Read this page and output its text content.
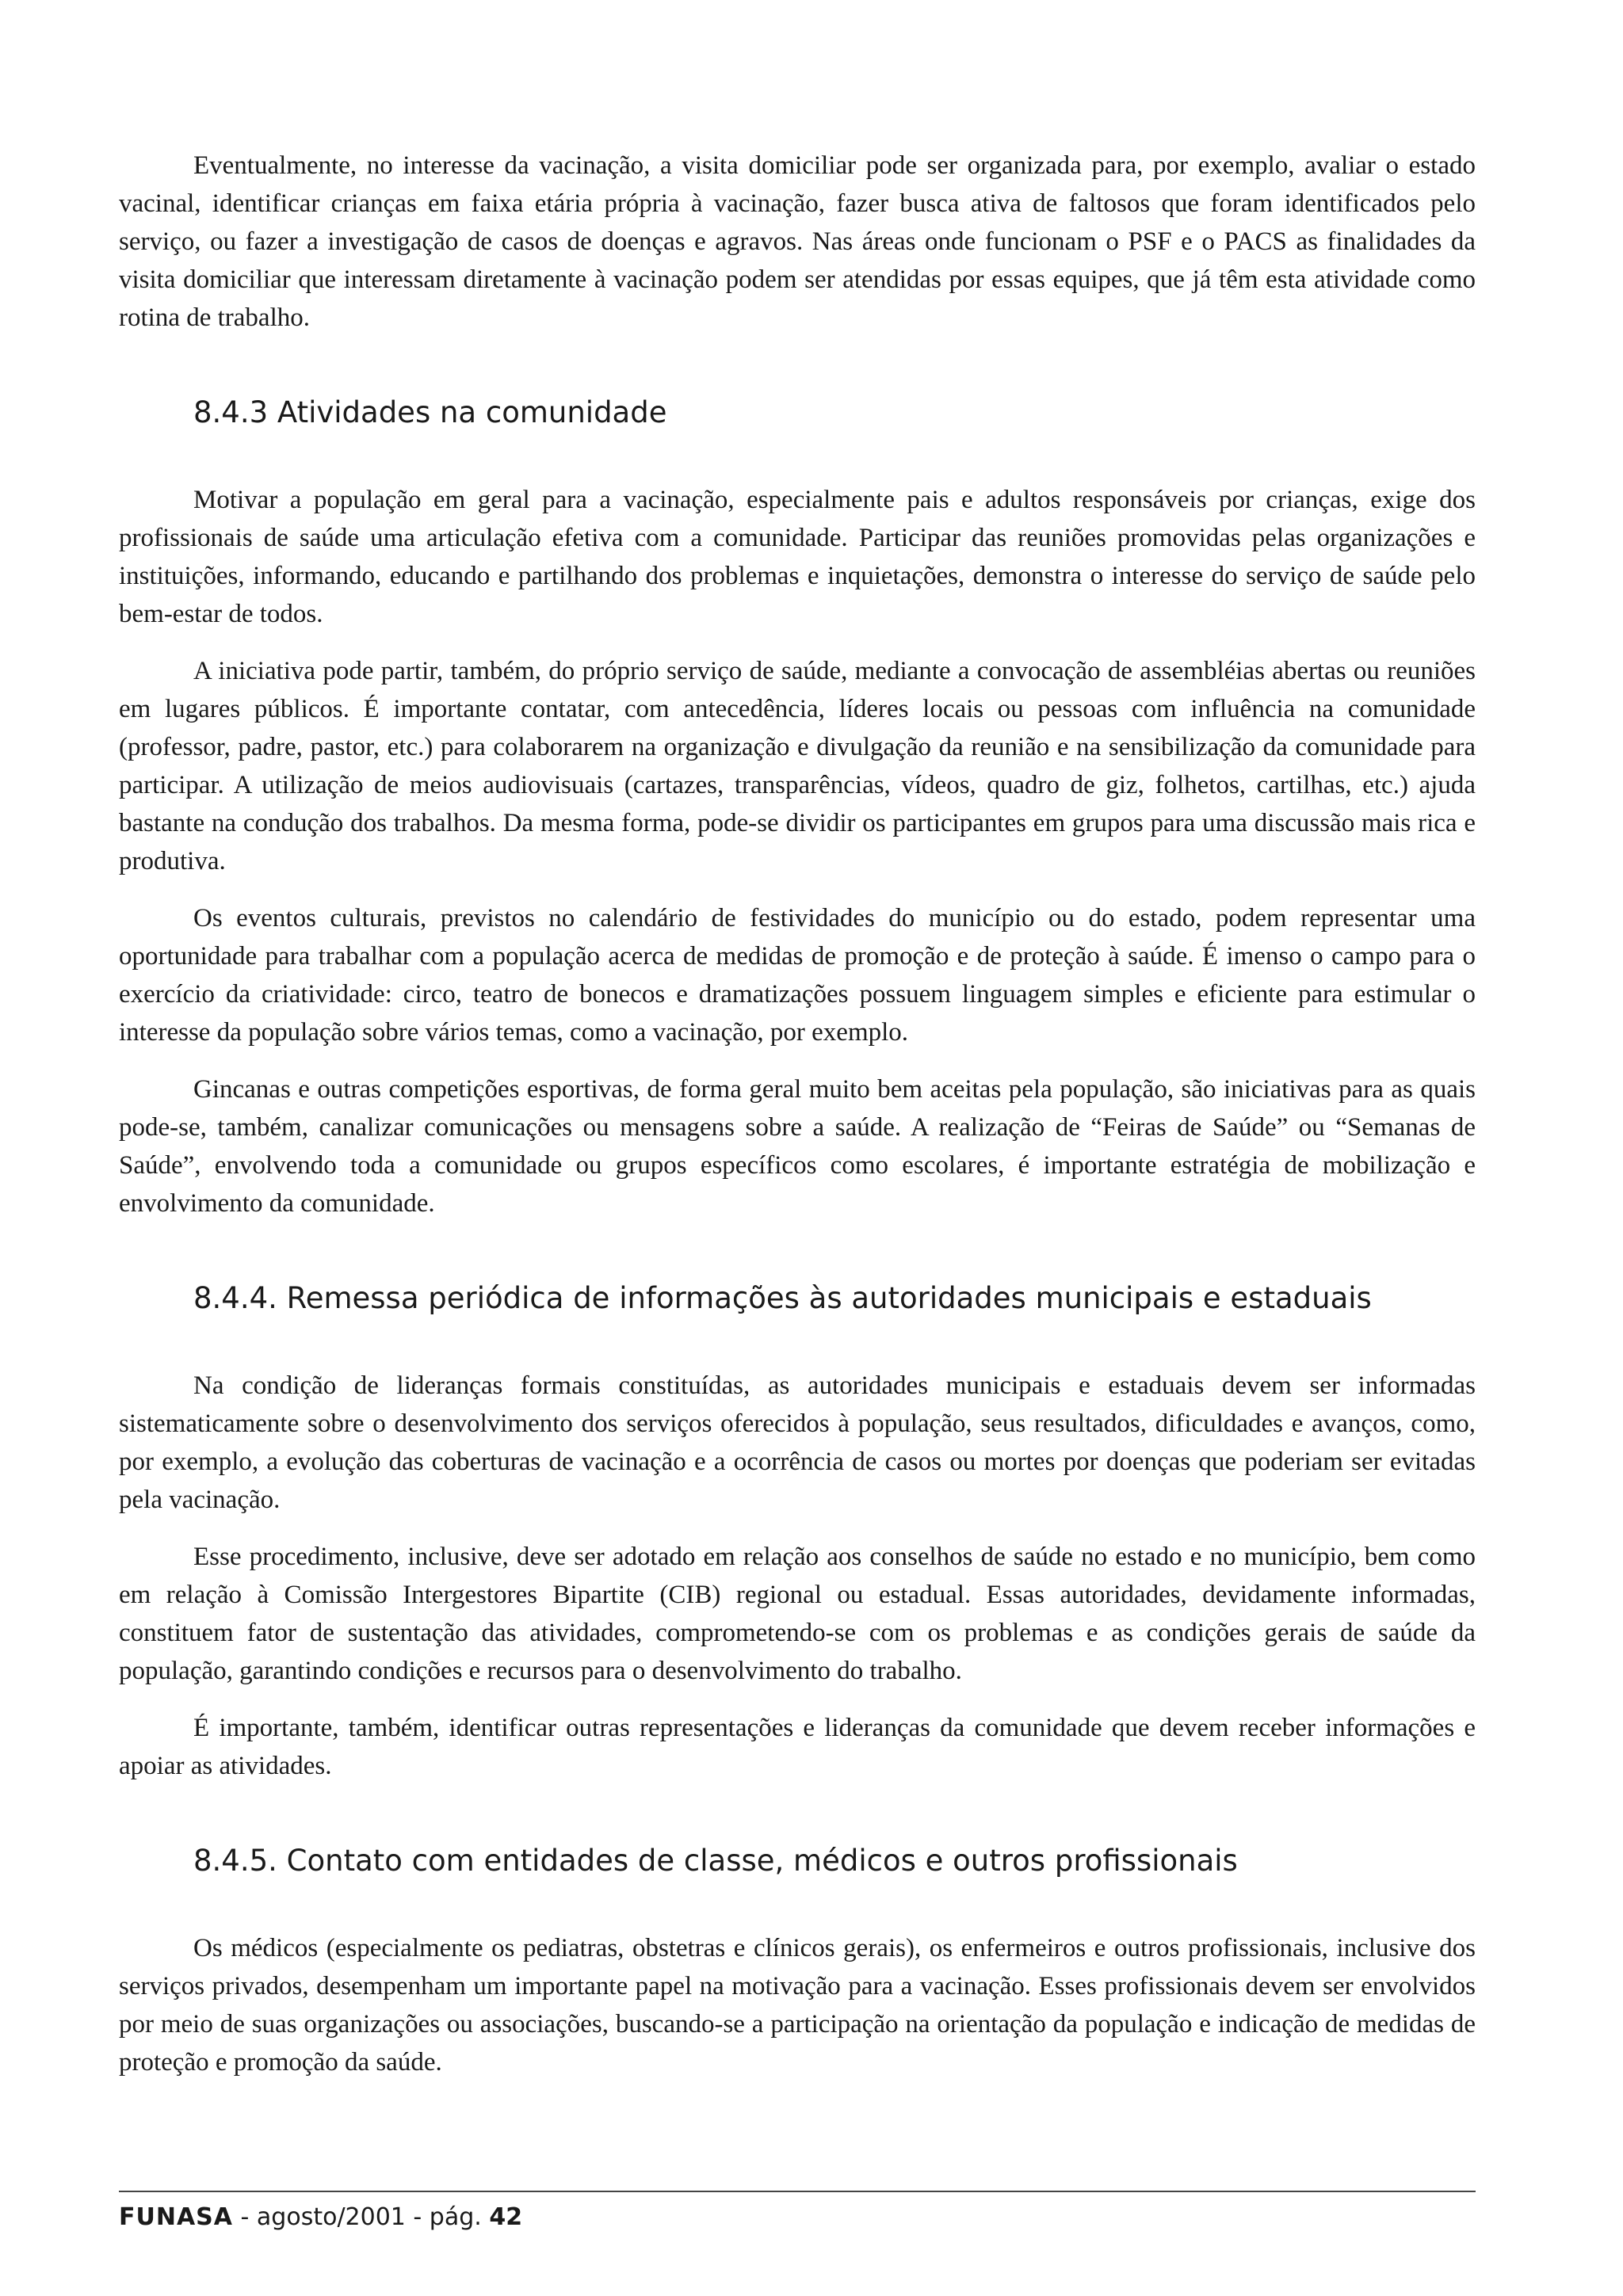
Eventualmente, no interesse da vacinação, a visita domiciliar pode ser organizada para, por exemplo, avaliar o estado vacinal, identificar crianças em faixa etária própria à vacinação, fazer busca ativa de faltosos que foram identificados pelo serviço, ou fazer a investigação de casos de doenças e agravos. Nas áreas onde funcionam o PSF e o PACS as finalidades da visita domiciliar que interessam diretamente à vacinação podem ser atendidas por essas equipes, que já têm esta atividade como rotina de trabalho.

8.4.3 Atividades na comunidade

Motivar a população em geral para a vacinação, especialmente pais e adultos responsáveis por crianças, exige dos profissionais de saúde uma articulação efetiva com a comunidade. Participar das reuniões promovidas pelas organizações e instituições, informando, educando e partilhando dos problemas e inquietações, demonstra o interesse do serviço de saúde pelo bem-estar de todos.

A iniciativa pode partir, também, do próprio serviço de saúde, mediante a convocação de assembléias abertas ou reuniões em lugares públicos. É importante contatar, com antecedência, líderes locais ou pessoas com influência na comunidade (professor, padre, pastor, etc.) para colaborarem na organização e divulgação da reunião e na sensibilização da comunidade para participar. A utilização de meios audiovisuais (cartazes, transparências, vídeos, quadro de giz, folhetos, cartilhas, etc.) ajuda bastante na condução dos trabalhos. Da mesma forma, pode-se dividir os participantes em grupos para uma discussão mais rica e produtiva.

Os eventos culturais, previstos no calendário de festividades do município ou do estado, podem representar uma oportunidade para trabalhar com a população acerca de medidas de promoção e de proteção à saúde. É imenso o campo para o exercício da criatividade: circo, teatro de bonecos e dramatizações possuem linguagem simples e eficiente para estimular o interesse da população sobre vários temas, como a vacinação, por exemplo.

Gincanas e outras competições esportivas, de forma geral muito bem aceitas pela população, são iniciativas para as quais pode-se, também, canalizar comunicações ou mensagens sobre a saúde. A realização de “Feiras de Saúde” ou “Semanas de Saúde”, envolvendo toda a comunidade ou grupos específicos como escolares, é importante estratégia de mobilização e envolvimento da comunidade.

8.4.4. Remessa periódica de informações às autoridades municipais e estaduais

Na condição de lideranças formais constituídas, as autoridades municipais e estaduais devem ser informadas sistematicamente sobre o desenvolvimento dos serviços oferecidos à população, seus resultados, dificuldades e avanços, como, por exemplo, a evolução das coberturas de vacinação e a ocorrência de casos ou mortes por doenças que poderiam ser evitadas pela vacinação.

Esse procedimento, inclusive, deve ser adotado em relação aos conselhos de saúde no estado e no município, bem como em relação à Comissão Intergestores Bipartite (CIB) regional ou estadual. Essas autoridades, devidamente informadas, constituem fator de sustentação das atividades, comprometendo-se com os problemas e as condições gerais de saúde da população, garantindo condições e recursos para o desenvolvimento do trabalho.

É importante, também, identificar outras representações e lideranças da comunidade que devem receber informações e apoiar as atividades.

8.4.5. Contato com entidades de classe, médicos e outros profissionais

Os médicos (especialmente os pediatras, obstetras e clínicos gerais), os enfermeiros e outros profissionais, inclusive dos serviços privados, desempenham um importante papel na motivação para a vacinação. Esses profissionais devem ser envolvidos por meio de suas organizações ou associações, buscando-se a participação na orientação da população e indicação de medidas de proteção e promoção da saúde.

FUNASA - agosto/2001 - pág. 42
